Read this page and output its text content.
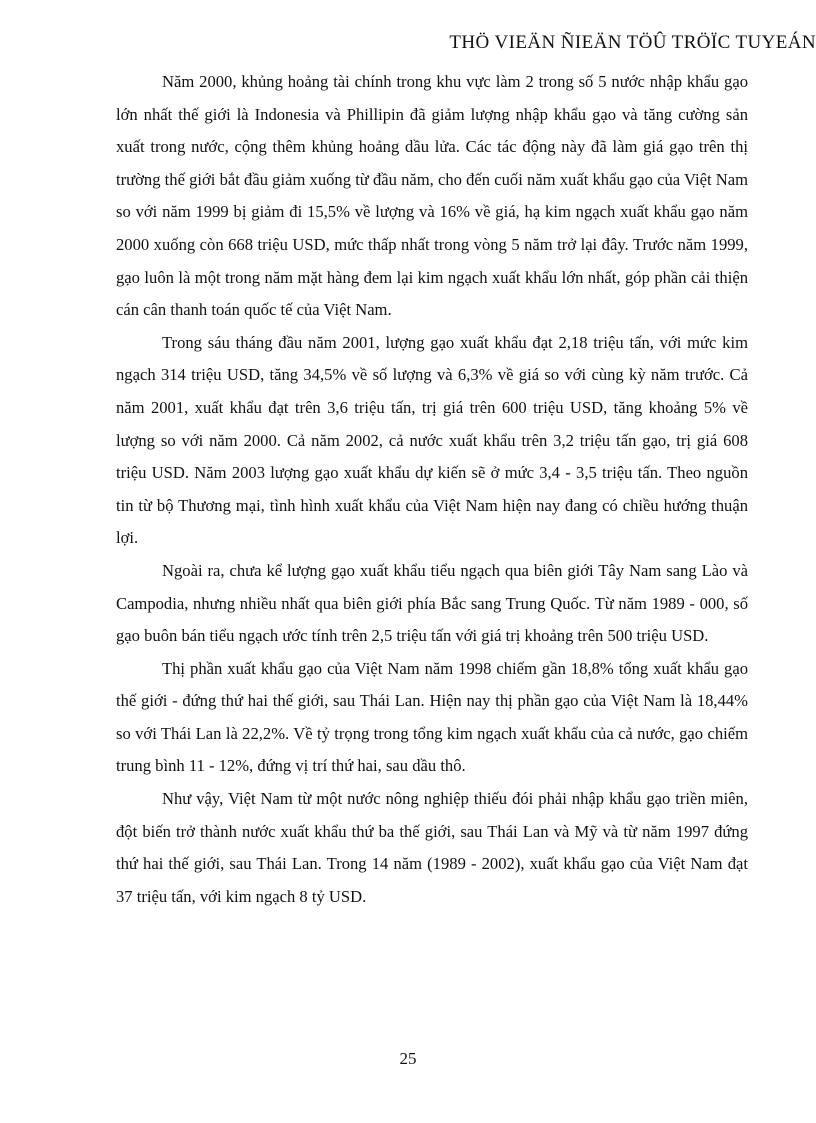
THÖ VIEÄN ÑIEÄN TÖÛ TRÖÏC TUYEÁN

Năm 2000, khủng hoảng tài chính trong khu vực làm 2 trong số 5 nước nhập khẩu gạo lớn nhất thế giới là Indonesia và Phillipin đã giảm lượng nhập khẩu gạo và tăng cường sản xuất trong nước, cộng thêm khủng hoảng dầu lửa. Các tác động này đã làm giá gạo trên thị trường thế giới bắt đầu giảm xuống từ đầu năm, cho đến cuối năm xuất khẩu gạo của Việt Nam so với năm 1999 bị giảm đi 15,5% về lượng và 16% về giá, hạ kim ngạch xuất khẩu gạo năm 2000 xuống còn 668 triệu USD, mức thấp nhất trong vòng 5 năm trở lại đây. Trước năm 1999, gạo luôn là một trong năm mặt hàng đem lại kim ngạch xuất khẩu lớn nhất, góp phần cải thiện cán cân thanh toán quốc tế của Việt Nam.

Trong sáu tháng đầu năm 2001, lượng gạo xuất khẩu đạt 2,18 triệu tấn, với mức kim ngạch 314 triệu USD, tăng 34,5% về số lượng và 6,3% về giá so với cùng kỳ năm trước. Cả năm 2001, xuất khẩu đạt trên 3,6 triệu tấn, trị giá trên 600 triệu USD, tăng khoảng 5% về lượng so với năm 2000. Cả năm 2002, cả nước xuất khẩu trên 3,2 triệu tấn gạo, trị giá 608 triệu USD. Năm 2003 lượng gạo xuất khẩu dự kiến sẽ ở mức 3,4 - 3,5 triệu tấn. Theo nguồn tin từ bộ Thương mại, tình hình xuất khẩu của Việt Nam hiện nay đang có chiều hướng thuận lợi.

Ngoài ra, chưa kể lượng gạo xuất khẩu tiểu ngạch qua biên giới Tây Nam sang Lào và Campodia, nhưng nhiều nhất qua biên giới phía Bắc sang Trung Quốc. Từ năm 1989 - 000, số gạo buôn bán tiểu ngạch ước tính trên 2,5 triệu tấn với giá trị khoảng trên 500 triệu USD.

Thị phần xuất khẩu gạo của Việt Nam năm 1998 chiếm gần 18,8% tổng xuất khẩu gạo thế giới - đứng thứ hai thế giới, sau Thái Lan. Hiện nay thị phần gạo của Việt Nam là 18,44% so với Thái Lan là 22,2%. Về tỷ trọng trong tổng kim ngạch xuất khẩu của cả nước, gạo chiếm trung bình 11 - 12%, đứng vị trí thứ hai, sau dầu thô.

Như vậy, Việt Nam từ một nước nông nghiệp thiếu đói phải nhập khẩu gạo triền miên, đột biến trở thành nước xuất khẩu thứ ba thế giới, sau Thái Lan và Mỹ và từ năm 1997 đứng thứ hai thế giới, sau Thái Lan. Trong 14 năm (1989 - 2002), xuất khẩu gạo của Việt Nam đạt 37 triệu tấn, với kim ngạch 8 tỷ USD.

25
